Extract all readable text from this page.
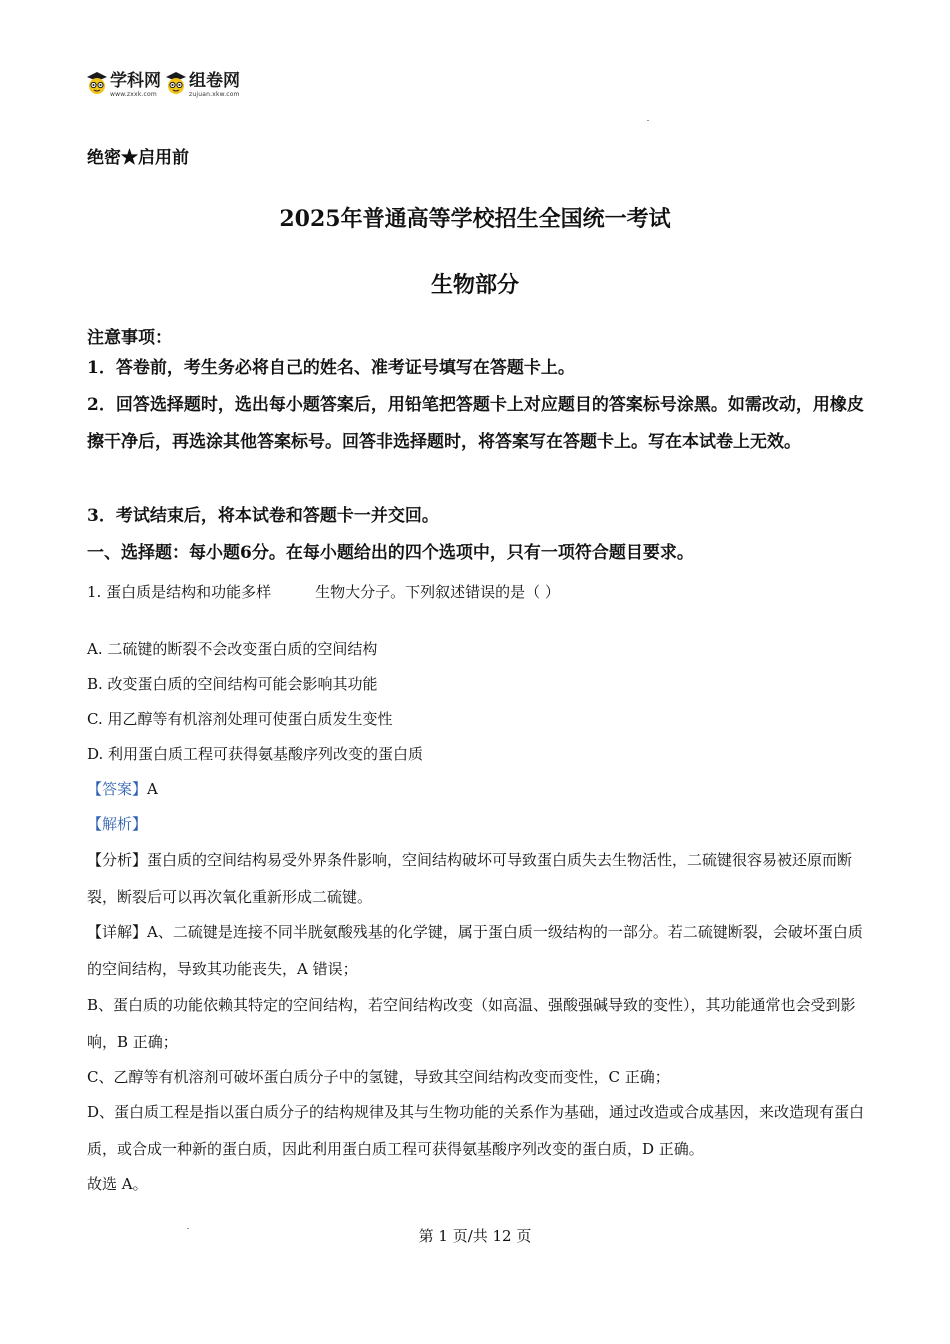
学科网
www.zxxk.com
组卷网
zujuan.xkw.com
绝密★启用前
2025年普通高等学校招生全国统一考试
生物部分
注意事项：
1．答卷前，考生务必将自己的姓名、准考证号填写在答题卡上。
2．回答选择题时，选出每小题答案后，用铅笔把答题卡上对应题目的答案标号涂黑。如需改动，用橡皮擦干净后，再选涂其他答案标号。回答非选择题时，将答案写在答题卡上。写在本试卷上无效。
3．考试结束后，将本试卷和答题卡一并交回。
一、选择题：每小题6分。在每小题给出的四个选项中，只有一项符合题目要求。
1. 蛋白质是结构和功能多样	生物大分子。下列叙述错误的是（ ）
A. 二硫键的断裂不会改变蛋白质的空间结构
B. 改变蛋白质的空间结构可能会影响其功能
C. 用乙醇等有机溶剂处理可使蛋白质发生变性
D. 利用蛋白质工程可获得氨基酸序列改变的蛋白质
【答案】A
【解析】
【分析】蛋白质的空间结构易受外界条件影响，空间结构破坏可导致蛋白质失去生物活性，二硫键很容易被还原而断裂，断裂后可以再次氧化重新形成二硫键。
【详解】A、二硫键是连接不同半胱氨酸残基的化学键，属于蛋白质一级结构的一部分。若二硫键断裂，会破坏蛋白质的空间结构，导致其功能丧失，A 错误；
B、蛋白质的功能依赖其特定的空间结构，若空间结构改变（如高温、强酸强碱导致的变性），其功能通常也会受到影响，B 正确；
C、乙醇等有机溶剂可破坏蛋白质分子中的氢键，导致其空间结构改变而变性，C 正确；
D、蛋白质工程是指以蛋白质分子的结构规律及其与生物功能的关系作为基础，通过改造或合成基因，来改造现有蛋白质，或合成一种新的蛋白质，因此利用蛋白质工程可获得氨基酸序列改变的蛋白质，D 正确。
故选 A。
第 1 页/共 12 页
